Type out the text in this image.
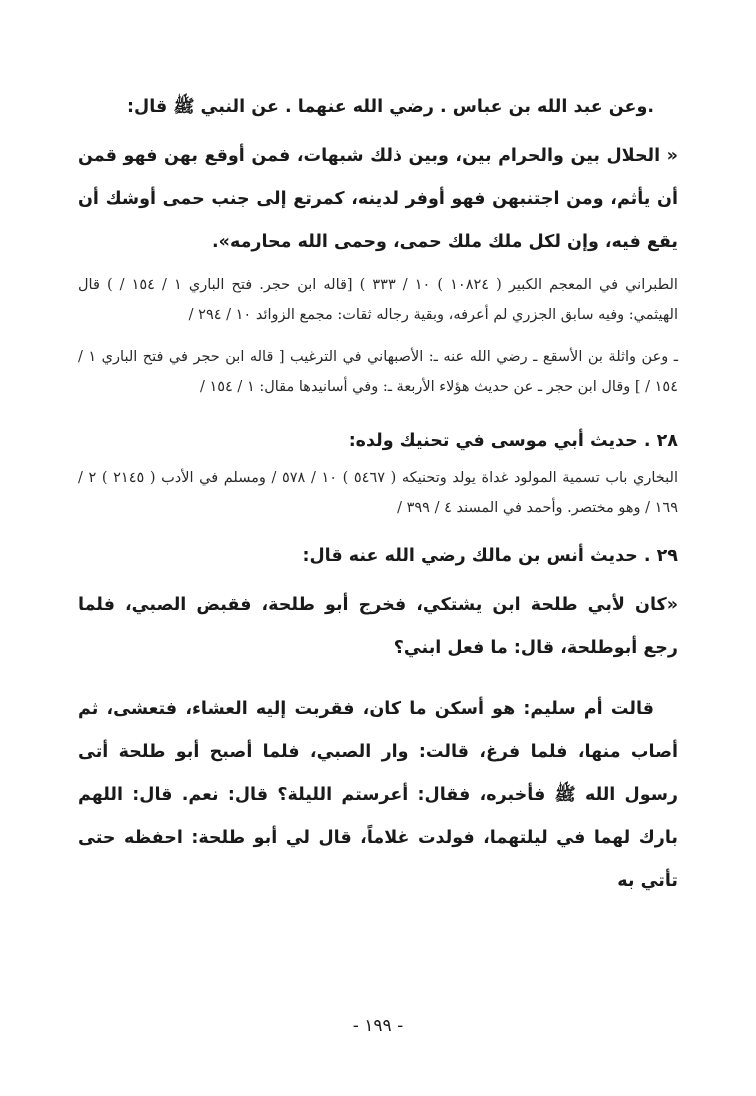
.وعن عبد الله بن عباس . رضي الله عنهما . عن النبي ﷺ قال:

« الحلال بين والحرام بين، وبين ذلك شبهات، فمن أوقع بهن فهو قمن أن يأثم، ومن اجتنبهن فهو أوفر لدينه، كمرتع إلى جنب حمى أوشك أن يقع فيه، وإن لكل ملك ملك حمى، وحمى الله محارمه».

الطبراني في المعجم الكبير ( ١٠٨٢٤ ) ١٠ / ٣٣٣ ) [قاله ابن حجر. فتح الباري ١ / ١٥٤ / ) قال الهيثمي: وفيه سابق الجزري لم أعرفه، وبقية رجاله ثقات: مجمع الزوائد ١٠ / ٢٩٤ /

ـ وعن واثلة بن الأسقع ـ رضي الله عنه ـ: الأصبهاني في الترغيب [ قاله ابن حجر في فتح الباري ١ / ١٥٤ / ] وقال ابن حجر ـ عن حديث هؤلاء الأربعة ـ: وفي أسانيدها مقال: ١ / ١٥٤ /

٢٨ . حديث أبي موسى في تحنيك ولده:

البخاري باب تسمية المولود غداة يولد وتحنيكه ( ٥٤٦٧ ) ١٠ / ٥٧٨ / ومسلم في الأدب ( ٢١٤٥ ) ٢ / ١٦٩ / وهو مختصر. وأحمد في المسند ٤ / ٣٩٩ /

٢٩ . حديث أنس بن مالك رضي الله عنه قال:

«كان لأبي طلحة ابن يشتكي، فخرج أبو طلحة، فقبض الصبي، فلما رجع أبوطلحة، قال: ما فعل ابني؟

قالت أم سليم: هو أسكن ما كان، فقربت إليه العشاء، فتعشى، ثم أصاب منها، فلما فرغ، قالت: وار الصبي، فلما أصبح أبو طلحة أتى رسول الله ﷺ فأخبره، فقال: أعرستم الليلة؟ قال: نعم. قال: اللهم بارك لهما في ليلتهما، فولدت غلاماً، قال لي أبو طلحة: احفظه حتى تأتي به

- ١٩٩ -
